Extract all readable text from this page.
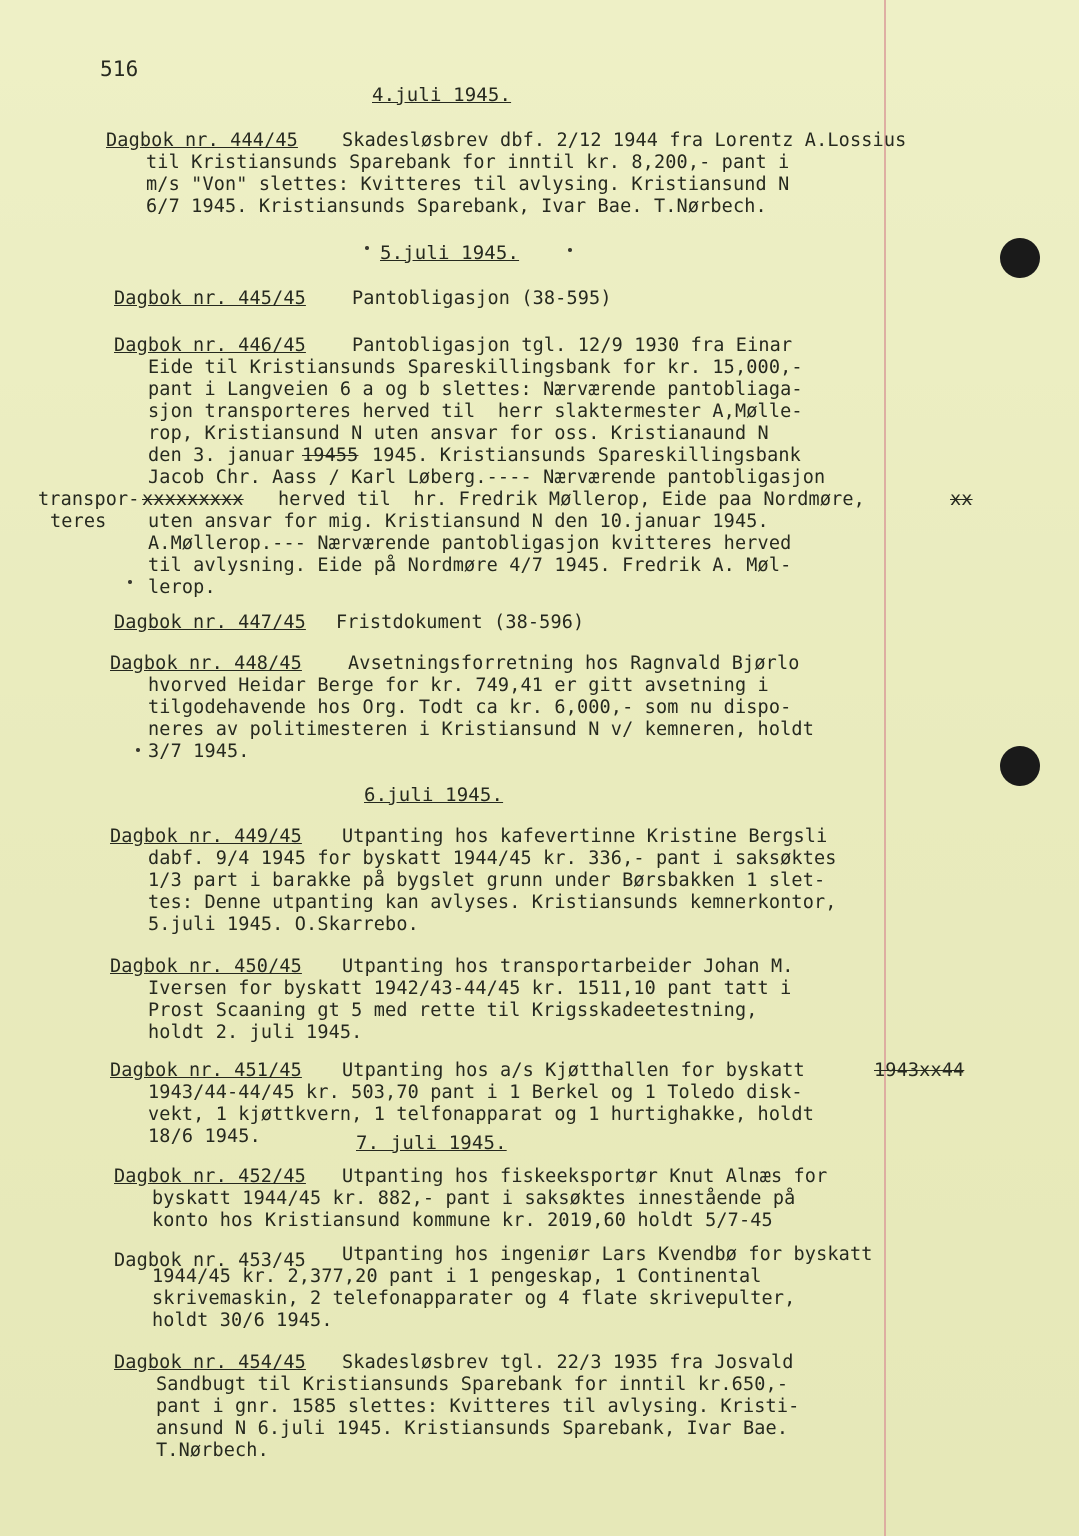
516
4.juli 1945.
Dagbok nr. 444/45 Skadesløsbrev dbf. 2/12 1944 fra Lorentz A.Lossius
til Kristiansunds Sparebank for inntil kr. 8,200,- pant i
m/s "Von" slettes: Kvitteres til avlysing. Kristiansund N
6/7 1945. Kristiansunds Sparebank, Ivar Bae. T.Nørbech.
5.juli 1945.
Dagbok nr. 445/45 Pantobligasjon (38-595)
Dagbok nr. 446/45 Pantobligasjon tgl. 12/9 1930 fra Einar
Eide til Kristiansunds Spareskillingsbank for kr. 15,000,-
pant i Langveien 6 a og b slettes: Nærværende pantobliaga-
sjon transporteres herved til  herr slaktermester A,Mølle-
rop, Kristiansund N uten ansvar for oss. Kristianaund N
den 3. januar 19455 1945. Kristiansunds Spareskillingsbank
Jacob Chr. Aass / Karl Løberg.---- Nærværende pantobligasjon
transpor- xxxxxxxxx herved til  hr. Fredrik Møllerop, Eide paa Nordmøre,	xx
teres uten ansvar for mig. Kristiansund N den 10.januar 1945.
A.Møllerop.--- Nærværende pantobligasjon kvitteres herved
til avlysning. Eide på Nordmøre 4/7 1945. Fredrik A. Møl-
lerop.
Dagbok nr. 447/45 Fristdokument (38-596)
Dagbok nr. 448/45 Avsetningsforretning hos Ragnvald Bjørlo
hvorved Heidar Berge for kr. 749,41 er gitt avsetning i
tilgodehavende hos Org. Todt ca kr. 6,000,- som nu dispo-
neres av politimesteren i Kristiansund N v/ kemneren, holdt
3/7 1945.
6.juli 1945.
Dagbok nr. 449/45 Utpanting hos kafevertinne Kristine Bergsli
dabf. 9/4 1945 for byskatt 1944/45 kr. 336,- pant i saksøktes
1/3 part i barakke på bygslet grunn under Børsbakken 1 slet-
tes: Denne utpanting kan avlyses. Kristiansunds kemnerkontor,
5.juli 1945. O.Skarrebo.
Dagbok nr. 450/45 Utpanting hos transportarbeider Johan M.
Iversen for byskatt 1942/43-44/45 kr. 1511,10 pant tatt i
Prost Scaaning gt 5 med rette til Krigsskadeetestning,
holdt 2. juli 1945.
Dagbok nr. 451/45 Utpanting hos a/s Kjøtthallen for byskatt	1943xx44
1943/44-44/45 kr. 503,70 pant i 1 Berkel og 1 Toledo disk-
vekt, 1 kjøttkvern, 1 telfonapparat og 1 hurtighakke, holdt
18/6 1945.	7. juli 1945.
Dagbok nr. 452/45 Utpanting hos fiskeeksportør Knut Alnæs for
byskatt 1944/45 kr. 882,- pant i saksøktes innestående på
konto hos Kristiansund kommune kr. 2019,60 holdt 5/7-45
Dagbok nr. 453/45 Utpanting hos ingeniør Lars Kvendbø for byskatt
1944/45 kr. 2,377,20 pant i 1 pengeskap, 1 Continental
skrivemaskin, 2 telefonapparater og 4 flate skrivepulter,
holdt 30/6 1945.
Dagbok nr. 454/45 Skadesløsbrev tgl. 22/3 1935 fra Josvald
Sandbugt til Kristiansunds Sparebank for inntil kr.650,-
pant i gnr. 1585 slettes: Kvitteres til avlysing. Kristi-
ansund N 6.juli 1945. Kristiansunds Sparebank, Ivar Bae.
T.Nørbech.
